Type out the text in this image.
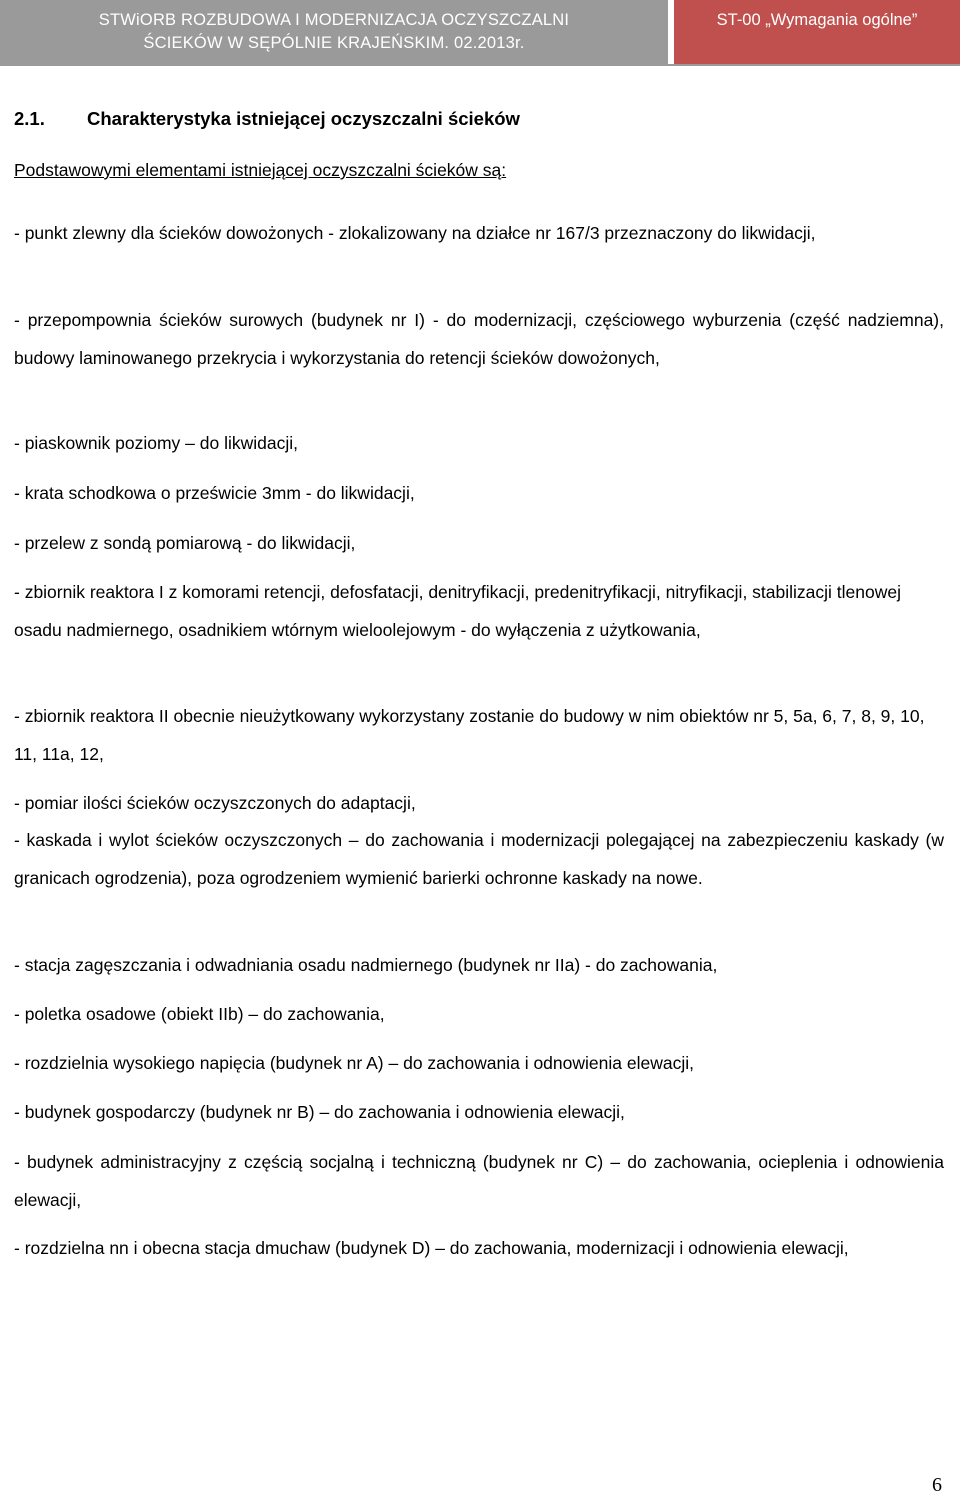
STWiORB ROZBUDOWA I MODERNIZACJA OCZYSZCZALNI
ŚCIEKÓW W SĘPÓLNIE KRAJEŃSKIM. 02.2013r.
ST-00 „Wymagania ogólne”
2.1. Charakterystyka istniejącej oczyszczalni ścieków
Podstawowymi elementami istniejącej oczyszczalni ścieków są:
- punkt zlewny dla ścieków dowożonych - zlokalizowany na działce nr 167/3 przeznaczony do likwidacji,
- przepompownia ścieków surowych (budynek nr I) - do modernizacji, częściowego wyburzenia (część nadziemna), budowy laminowanego przekrycia i wykorzystania do retencji ścieków dowożonych,
- piaskownik poziomy – do likwidacji,
- krata schodkowa o prześwicie 3mm - do likwidacji,
- przelew z sondą pomiarową - do likwidacji,
- zbiornik reaktora I z komorami retencji, defosfatacji, denitryfikacji, predenitryfikacji, nitryfikacji, stabilizacji tlenowej osadu nadmiernego, osadnikiem wtórnym wieloolejowym - do wyłączenia z użytkowania,
- zbiornik reaktora II obecnie nieużytkowany wykorzystany zostanie do budowy w nim obiektów nr 5, 5a, 6, 7, 8, 9, 10, 11, 11a, 12,
- pomiar ilości ścieków oczyszczonych do adaptacji,
- kaskada i wylot ścieków oczyszczonych – do zachowania i modernizacji polegającej na zabezpieczeniu kaskady (w granicach ogrodzenia), poza ogrodzeniem wymienić barierki ochronne kaskady na nowe.
- stacja zagęszczania i odwadniania osadu nadmiernego (budynek nr IIa) - do zachowania,
- poletka osadowe (obiekt IIb) – do zachowania,
- rozdzielnia wysokiego napięcia (budynek nr A) – do zachowania i odnowienia elewacji,
- budynek gospodarczy (budynek nr B) – do zachowania i odnowienia elewacji,
- budynek administracyjny z częścią socjalną i techniczną (budynek nr C) – do zachowania, ocieplenia i odnowienia elewacji,
- rozdzielna nn i obecna stacja dmuchaw (budynek D) – do zachowania, modernizacji i odnowienia elewacji,
6
